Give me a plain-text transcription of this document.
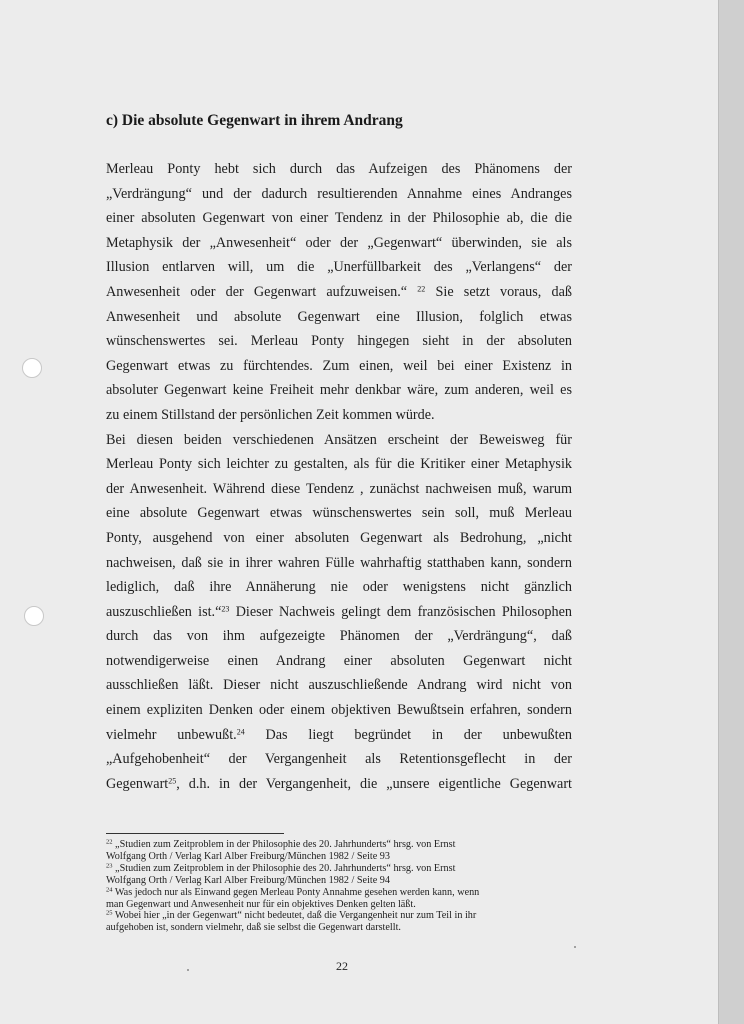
c) Die absolute Gegenwart in ihrem Andrang
Merleau Ponty hebt sich durch das Aufzeigen des Phänomens der
„Verdrängung“ und der dadurch resultierenden Annahme eines Andranges
einer absoluten Gegenwart von einer Tendenz in der Philosophie ab, die die
Metaphysik der „Anwesenheit“ oder der „Gegenwart“ überwinden, sie als
Illusion entlarven will, um die „Unerfüllbarkeit des „Verlangens“ der
Anwesenheit oder der Gegenwart aufzuweisen.“ $^{22}$ Sie setzt voraus, daß
Anwesenheit und absolute Gegenwart eine Illusion, folglich etwas
wünschenswertes sei. Merleau Ponty hingegen sieht in der absoluten
Gegenwart etwas zu fürchtendes. Zum einen, weil bei einer Existenz in
absoluter Gegenwart keine Freiheit mehr denkbar wäre, zum anderen, weil es
zu einem Stillstand der persönlichen Zeit kommen würde.
Bei diesen beiden verschiedenen Ansätzen erscheint der Beweisweg für
Merleau Ponty sich leichter zu gestalten, als für die Kritiker einer Metaphysik
der Anwesenheit. Während diese Tendenz , zunächst nachweisen muß, warum
eine absolute Gegenwart etwas wünschenswertes sein soll, muß Merleau
Ponty, ausgehend von einer absoluten Gegenwart als Bedrohung, „nicht
nachweisen, daß sie in ihrer wahren Fülle wahrhaftig statthaben kann, sondern
lediglich, daß ihre Annäherung nie oder wenigstens nicht gänzlich
auszuschließen ist.“$^{23}$ Dieser Nachweis gelingt dem französischen Philosophen
durch das von ihm aufgezeigte Phänomen der „Verdrängung“, daß
notwendigerweise einen Andrang einer absoluten Gegenwart nicht
ausschließen läßt. Dieser nicht auszuschließende Andrang wird nicht von
einem expliziten Denken oder einem objektiven Bewußtsein erfahren, sondern
vielmehr unbewußt.$^{24}$ Das liegt begründet in der unbewußten
„Aufgehobenheit“ der Vergangenheit als Retentionsgeflecht in der
Gegenwart$^{25}$, d.h. in der Vergangenheit, die „unsere eigentliche Gegenwart
$^{22}$ „Studien zum Zeitproblem in der Philosophie des 20. Jahrhunderts“ hrsg. von Ernst
Wolfgang Orth / Verlag Karl Alber Freiburg/München 1982 / Seite 93
$^{23}$ „Studien zum Zeitproblem in der Philosophie des 20. Jahrhunderts“ hrsg. von Ernst
Wolfgang Orth / Verlag Karl Alber Freiburg/München 1982 / Seite 94
$^{24}$ Was jedoch nur als Einwand gegen Merleau Ponty Annahme gesehen werden kann, wenn
man Gegenwart und Anwesenheit nur für ein objektives Denken gelten läßt.
$^{25}$ Wobei hier „in der Gegenwart“ nicht bedeutet, daß die Vergangenheit nur zum Teil in ihr
aufgehoben ist, sondern vielmehr, daß sie selbst die Gegenwart darstellt.
22
